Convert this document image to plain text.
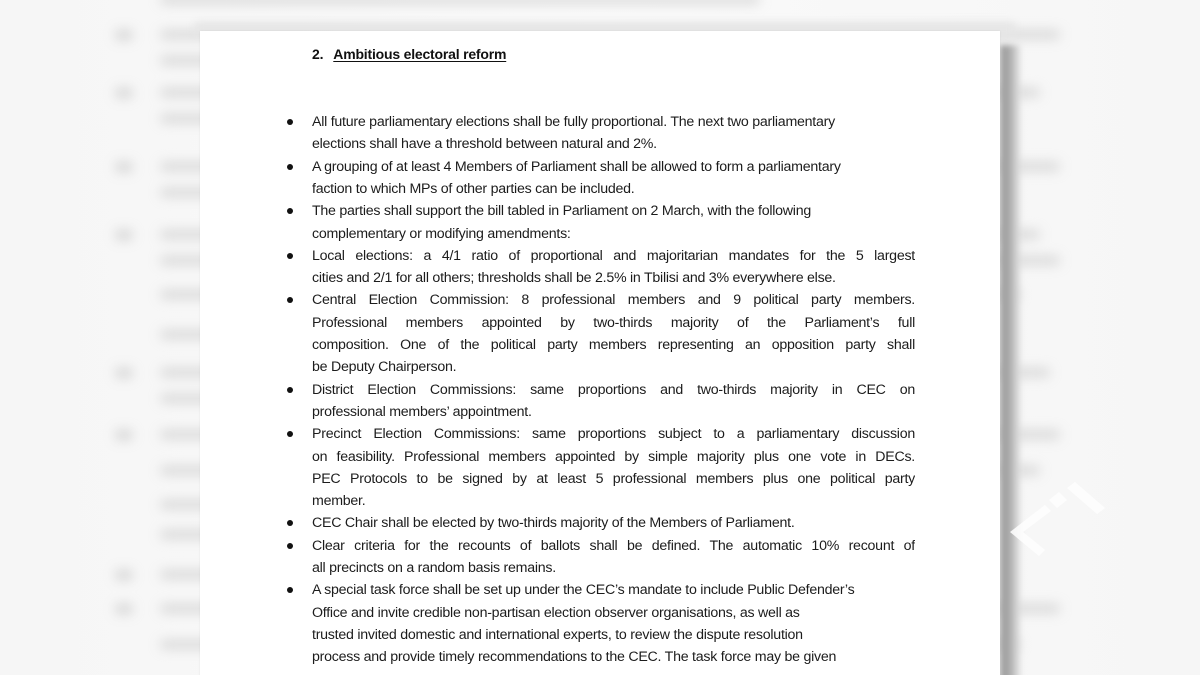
2. Ambitious electoral reform
All future parliamentary elections shall be fully proportional. The next two parliamentary
elections shall have a threshold between natural and 2%.
A grouping of at least 4 Members of Parliament shall be allowed to form a parliamentary
faction to which MPs of other parties can be included.
The parties shall support the bill tabled in Parliament on 2 March, with the following
complementary or modifying amendments:
Local elections: a 4/1 ratio of proportional and majoritarian mandates for the 5 largest
cities and 2/1 for all others; thresholds shall be 2.5% in Tbilisi and 3% everywhere else.
Central Election Commission: 8 professional members and 9 political party members.
Professional members appointed by two-thirds majority of the Parliament’s full
composition. One of the political party members representing an opposition party shall
be Deputy Chairperson.
District Election Commissions: same proportions and two-thirds majority in CEC on
professional members’ appointment.
Precinct Election Commissions: same proportions subject to a parliamentary discussion
on feasibility. Professional members appointed by simple majority plus one vote in DECs.
PEC Protocols to be signed by at least 5 professional members plus one political party
member.
CEC Chair shall be elected by two-thirds majority of the Members of Parliament.
Clear criteria for the recounts of ballots shall be defined. The automatic 10% recount of
all precincts on a random basis remains.
A special task force shall be set up under the CEC’s mandate to include Public Defender’s
Office and invite credible non-partisan election observer organisations, as well as
trusted invited domestic and international experts, to review the dispute resolution
process and provide timely recommendations to the CEC. The task force may be given
